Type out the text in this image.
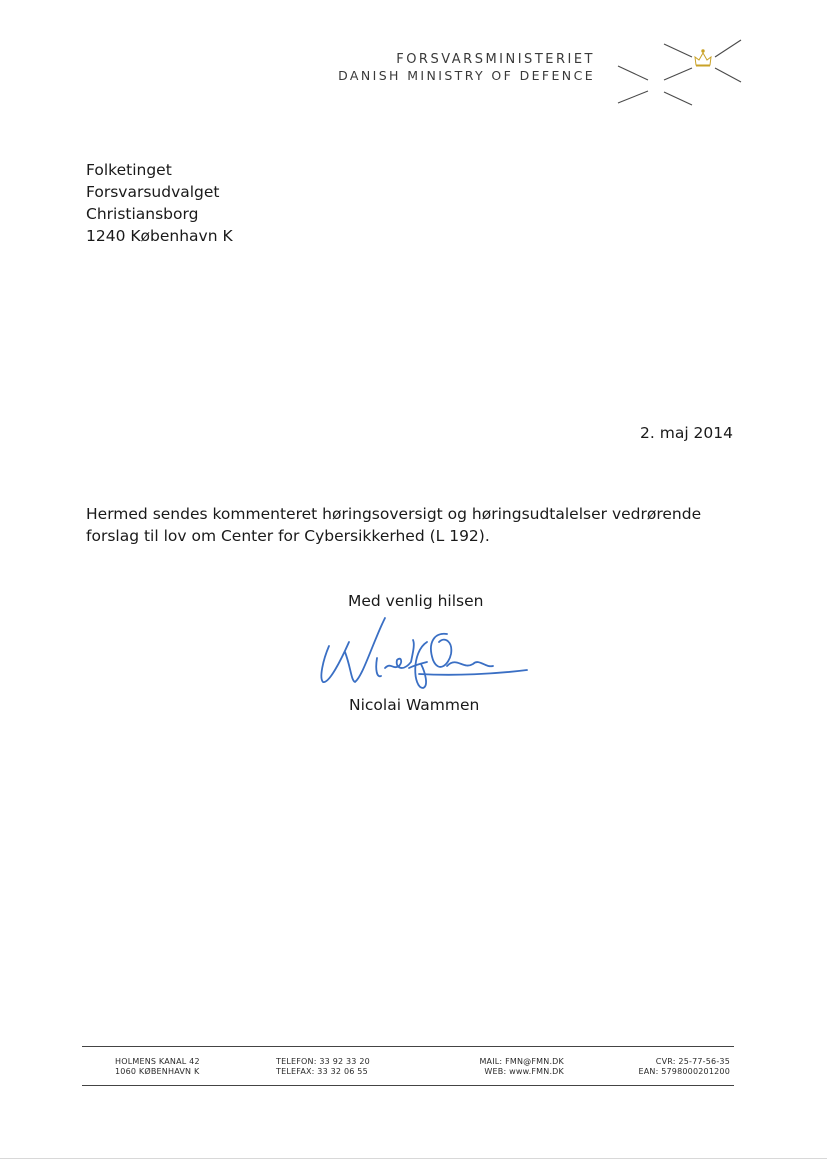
FORSVARSMINISTERIET
DANISH MINISTRY OF DEFENCE
Folketinget
Forsvarsudvalget
Christiansborg
1240 København K
2. maj 2014
Hermed sendes kommenteret høringsoversigt og høringsudtalelser vedrørende forslag til lov om Center for Cybersikkerhed (L 192).
Med venlig hilsen
Nicolai Wammen
HOLMENS KANAL 42
1060 KØBENHAVN K
TELEFON: 33 92 33 20
TELEFAX: 33 32 06 55
MAIL: FMN@FMN.DK
WEB: www.FMN.DK
CVR: 25-77-56-35
EAN: 5798000201200
